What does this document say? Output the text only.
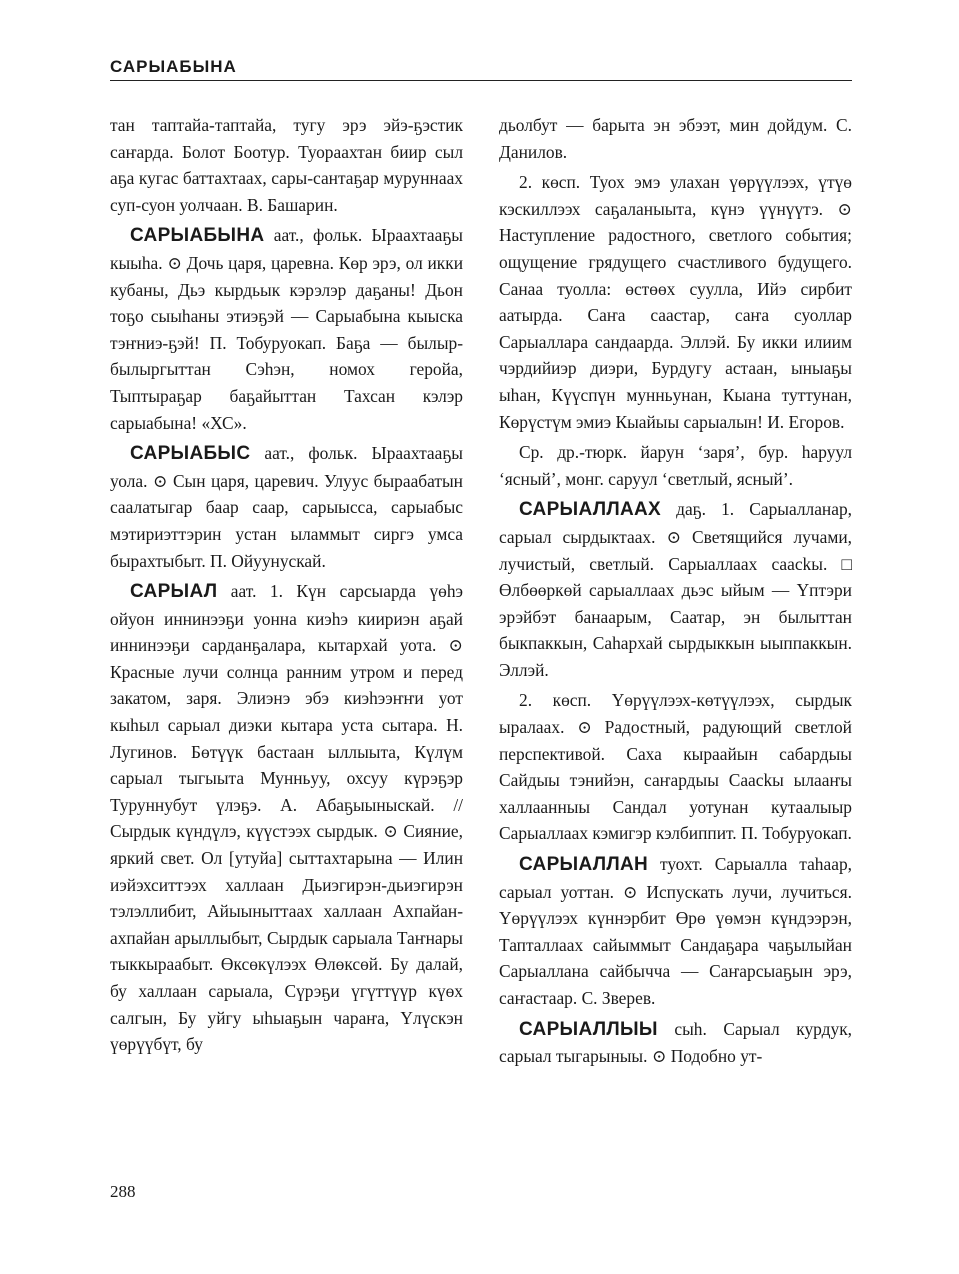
САРЫАБЫНА

тан таптайа-таптайа, тугу эрэ эйэ-ҕэстик саҥарда. Болот Боотур. Туораахтан биир сыл аҕа кугас баттахтаах, сары-сантаҕар муруннаах суп-суон уолчаан. В. Башарин.

САРЫАБЫНА аат., фольк. Ыраахтааҕы кыыһа. ⊙ Дочь царя, царевна. Көр эрэ, ол икки кубаны, Дьэ кырдьык кэрэлэр даҕаны! Дьон тоҕо сыыһаны этиэҕэй — Сарыабына кыыска тэҥниэ-ҕэй! П. Тобуруокап. Баҕа — былыр-былыргыттан Сэһэн, номох геройа, Тыптыраҕар баҕайыттан Тахсан кэлэр сарыабына! «ХС».

САРЫАБЫС аат., фольк. Ыраахтааҕы уола. ⊙ Сын царя, царевич. Улуус быраабатын саалатыгар баар саар, сарыысса, сарыабыс мэтириэттэрин устан ыламмыт сиргэ умса бырахтыбыт. П. Ойуунускай.

САРЫАЛ аат. 1. Күн сарсыарда үөһэ ойуон иннинээҕи уонна киэһэ киириэн аҕай иннинээҕи сарданҕалара, кытархай уота. ⊙ Красные лучи солнца ранним утром и перед закатом, заря. Элиэнэ эбэ киэһээҥҥи уот кыһыл сарыал диэки кытара уста сытара. Н. Лугинов. Бөтүүк бастаан ыллыыта, Күлүм сарыал тыгыыта Мунньуу, охсуу күрэҕэр Туруннубут үлэҕэ. А. Абаҕыыныскай. // Сырдык күндүлэ, күүстээх сырдык. ⊙ Сияние, яркий свет. Ол [утуйа] сыттахтарына — Илин иэйэхситтээх халлаан Дьиэгирэн-дьиэгирэн тэлэллибит, Айыыныттаах халлаан Ахпайан-ахпайан арыллыбыт, Сырдык сарыала Таҥнары тыккыраабыт. Өксөкүлээх Өлөксөй. Бу далай, бу халлаан сарыала, Сүрэҕи үгүттүүр күөх салгын, Бу уйгу ыһыаҕын чараҥа, Үлүскэн үөрүүбүт, бу

дьолбут — барыта эн эбээт, мин дойдум. С. Данилов.

2. көсп. Туох эмэ улахан үөрүүлээх, үтүө кэскиллээх саҕаланыыта, күнэ үүнүүтэ. ⊙ Наступление радостного, светлого события; ощущение грядущего счастливого будущего. Санаа туолла: өстөөх суулла, Ийэ сирбит аатырда. Саҥа саастар, саҥа суоллар Сарыаллара сандаарда. Эллэй. Бу икки илиим чэрдийиэр диэри, Бурдугу астаан, ыныаҕы ыһан, Күүспүн мунньунан, Кыана туттунан, Көрүстүм эмиэ Кыайыы сарыалын! И. Егоров.

Ср. др.-тюрк. йарун ‘заря’, бур. һаруул ‘ясный’, монг. саруул ‘светлый, ясный’.

САРЫАЛЛААХ даҕ. 1. Сарыалланар, сарыал сырдыктаах. ⊙ Светящийся лучами, лучистый, светлый. Сарыаллаах саасkы. □ Өлбөөркөй сарыаллаах дьэс ыйым — Үптэри эрэйбэт банаарым, Саатар, эн былыттан быкпаккын, Саһархай сырдыккын ыыппаккын. Эллэй.

2. көсп. Үөрүүлээх-көтүүлээх, сырдык ыралаах. ⊙ Радостный, радующий светлой перспективой. Саха кыраайын сабардыы Сайдыы тэнийэн, саҥардыы Саасkы ылааҥы халлаанныы Сандал уотунан кутаалыыр Сарыаллаах кэмигэр кэлбиппит. П. Тобуруокап.

САРЫАЛЛАН туохт. Сарыалла таһаар, сарыал уоттан. ⊙ Испускать лучи, лучиться. Үөрүүлээх күннэрбит Өрө үөмэн күндээрэн, Тапталлаах сайыммыт Сандаҕара чаҕылыйан Сарыаллана сайбычча — Саҥарсыаҕын эрэ, саҥастаар. С. Зверев.

САРЫАЛЛЫЫ сыһ. Сарыал курдук, сарыал тыгарыныы. ⊙ Подобно ут-

288
